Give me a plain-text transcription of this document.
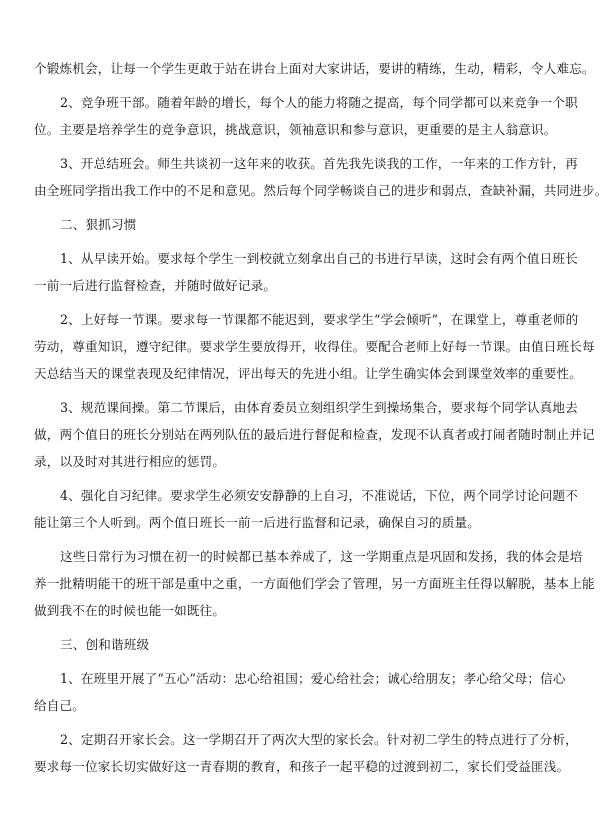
个锻炼机会，让每一个学生更敢于站在讲台上面对大家讲话，要讲的精练，生动，精彩，令人难忘。
2、竞争班干部。随着年龄的增长，每个人的能力将随之提高，每个同学都可以来竞争一个职
位。主要是培养学生的竞争意识，挑战意识，领袖意识和参与意识，更重要的是主人翁意识。
3、开总结班会。师生共谈初一这年来的收获。首先我先谈我的工作，一年来的工作方针，再
由全班同学指出我工作中的不足和意见。然后每个同学畅谈自己的进步和弱点，查缺补漏，共同进步。
二、狠抓习惯
1、从早读开始。要求每个学生一到校就立刻拿出自己的书进行早读，这时会有两个值日班长
一前一后进行监督检查，并随时做好记录。
2、上好每一节课。要求每一节课都不能迟到，要求学生“学会倾听”，在课堂上，尊重老师的
劳动，尊重知识，遵守纪律。要求学生要放得开，收得住。要配合老师上好每一节课。由值日班长每
天总结当天的课堂表现及纪律情况，评出每天的先进小组。让学生确实体会到课堂效率的重要性。
3、规范课间操。第二节课后，由体育委员立刻组织学生到操场集合，要求每个同学认真地去
做，两个值日的班长分别站在两列队伍的最后进行督促和检查，发现不认真者或打闹者随时制止并记
录，以及时对其进行相应的惩罚。
4、强化自习纪律。要求学生必须安安静静的上自习，不准说话，下位，两个同学讨论问题不
能让第三个人听到。两个值日班长一前一后进行监督和记录，确保自习的质量。
这些日常行为习惯在初一的时候都已基本养成了，这一学期重点是巩固和发扬，我的体会是培
养一批精明能干的班干部是重中之重，一方面他们学会了管理，另一方面班主任得以解脱，基本上能
做到我不在的时候也能一如既往。
三、创和谐班级
1、在班里开展了“五心”活动：忠心给祖国；爱心给社会；诚心给朋友；孝心给父母；信心
给自己。
2、定期召开家长会。这一学期召开了两次大型的家长会。针对初二学生的特点进行了分析，
要求每一位家长切实做好这一青春期的教育，和孩子一起平稳的过渡到初二，家长们受益匪浅。
